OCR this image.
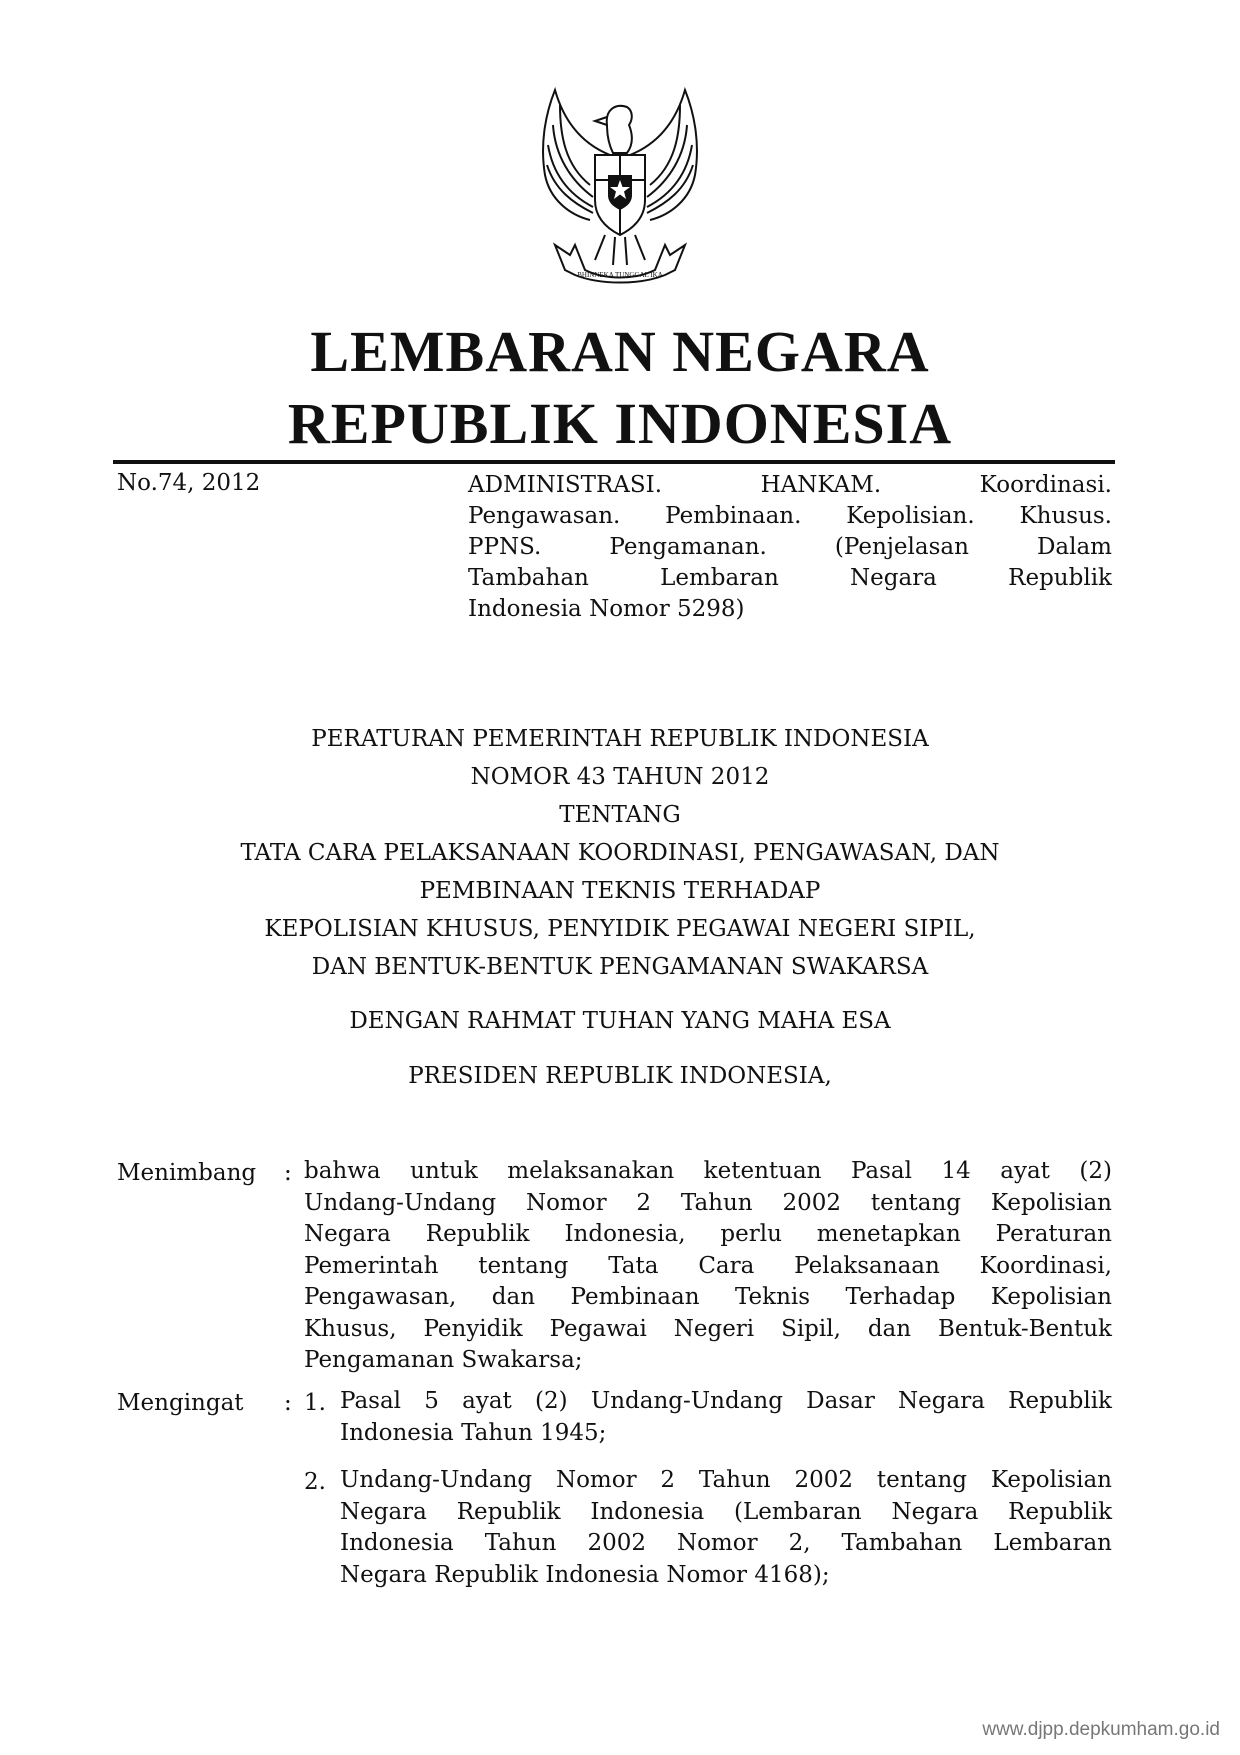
BHINNEKA TUNGGAL IKA
LEMBARAN NEGARA
REPUBLIK INDONESIA
No.74, 2012	ADMINISTRASI. HANKAM. Koordinasi.
Pengawasan. Pembinaan. Kepolisian. Khusus.
PPNS. Pengamanan. (Penjelasan Dalam
Tambahan Lembaran Negara Republik
Indonesia Nomor 5298)
PERATURAN PEMERINTAH REPUBLIK INDONESIA
NOMOR 43 TAHUN 2012
TENTANG
TATA CARA PELAKSANAAN KOORDINASI, PENGAWASAN, DAN
PEMBINAAN TEKNIS TERHADAP
KEPOLISIAN KHUSUS, PENYIDIK PEGAWAI NEGERI SIPIL,
DAN BENTUK-BENTUK PENGAMANAN SWAKARSA
DENGAN RAHMAT TUHAN YANG MAHA ESA
PRESIDEN REPUBLIK INDONESIA,
Menimbang : bahwa untuk melaksanakan ketentuan Pasal 14 ayat (2)
Undang-Undang Nomor 2 Tahun 2002 tentang Kepolisian
Negara Republik Indonesia, perlu menetapkan Peraturan
Pemerintah tentang Tata Cara Pelaksanaan Koordinasi,
Pengawasan, dan Pembinaan Teknis Terhadap Kepolisian
Khusus, Penyidik Pegawai Negeri Sipil, dan Bentuk-Bentuk
Pengamanan Swakarsa;
Mengingat : 1. Pasal 5 ayat (2) Undang-Undang Dasar Negara Republik
Indonesia Tahun 1945;
2. Undang-Undang Nomor 2 Tahun 2002 tentang Kepolisian
Negara Republik Indonesia (Lembaran Negara Republik
Indonesia Tahun 2002 Nomor 2, Tambahan Lembaran
Negara Republik Indonesia Nomor 4168);
www.djpp.depkumham.go.id
